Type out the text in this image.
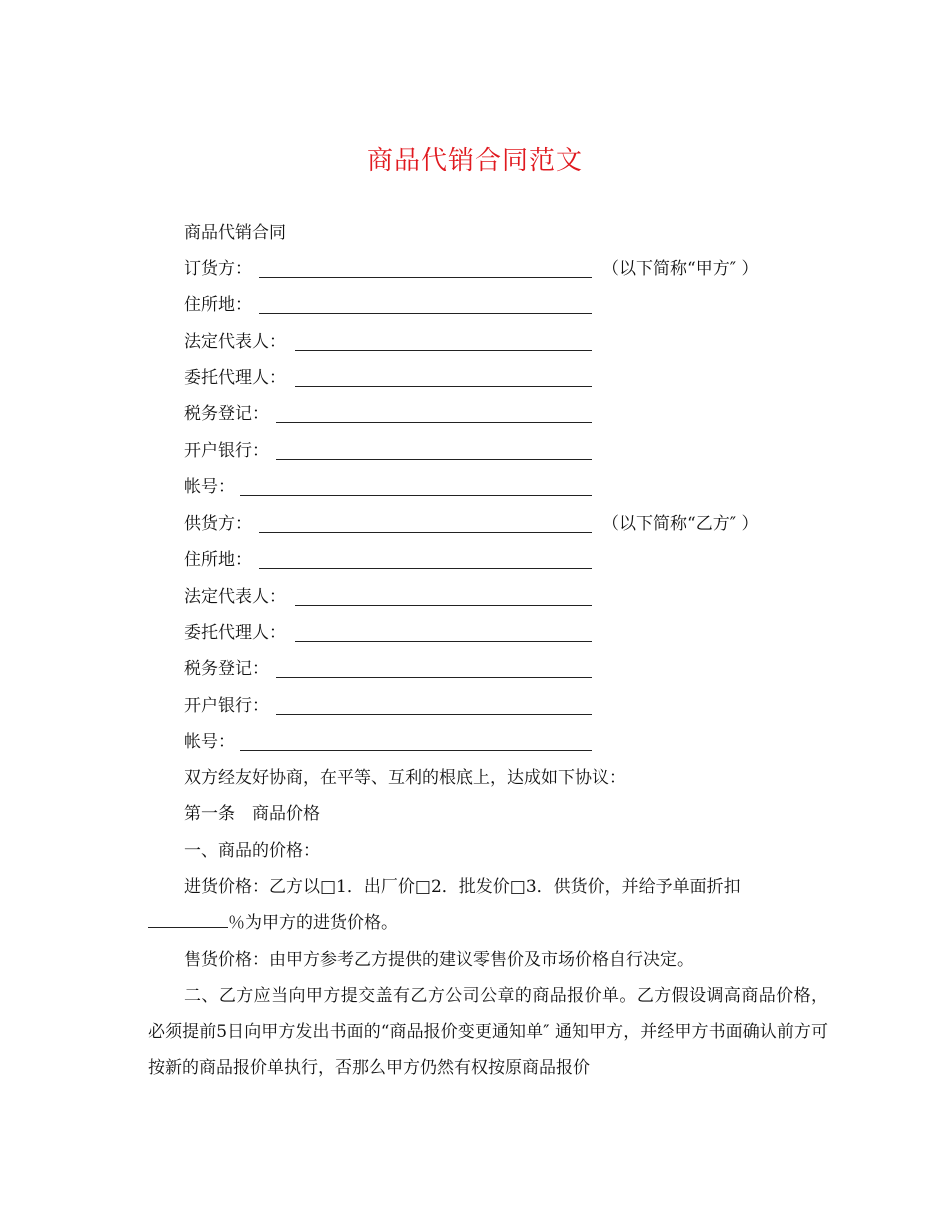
商品代销合同范文
商品代销合同
订货方：	（以下简称“甲方″ ）
住所地：
法定代表人：
委托代理人：
税务登记：
开户银行：
帐号：
供货方：	（以下简称“乙方″ ）
住所地：
法定代表人：
委托代理人：
税务登记：
开户银行：
帐号：
双方经友好协商，在平等、互利的根底上，达成如下协议：
第一条　商品价格
一、商品的价格：
进货价格：乙方以□1．出厂价□2．批发价□3．供货价，并给予单面折扣
％为甲方的进货价格。
售货价格：由甲方参考乙方提供的建议零售价及市场价格自行决定。
二、乙方应当向甲方提交盖有乙方公司公章的商品报价单。乙方假设调高商品价格，必须提前5日向甲方发出书面的“商品报价变更通知单″ 通知甲方，并经甲方书面确认前方可按新的商品报价单执行，否那么甲方仍然有权按原商品报价
